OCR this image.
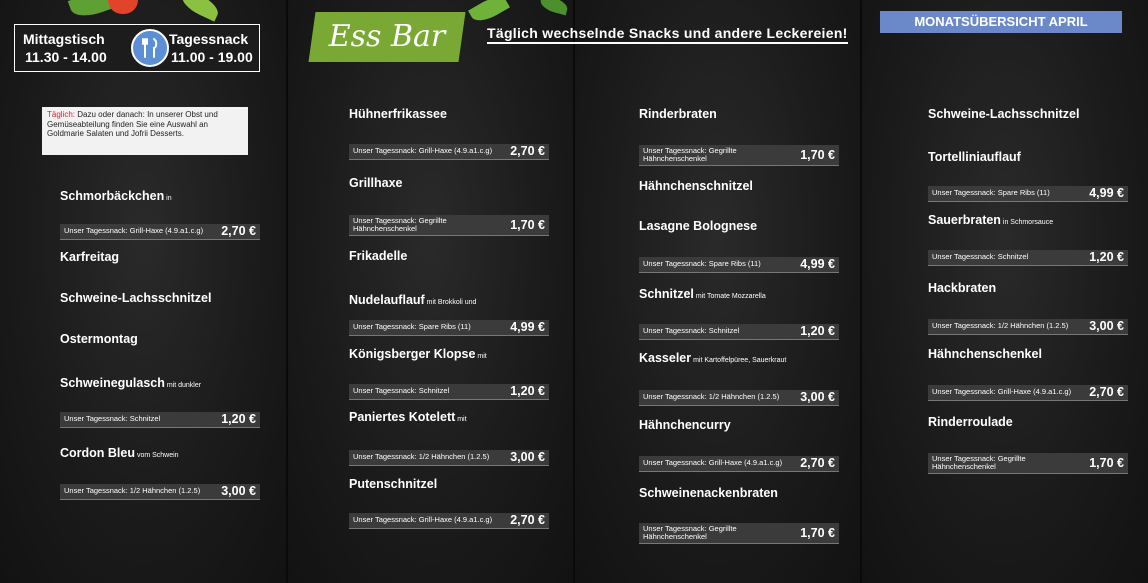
Mittagstisch
11.30 - 14.00
Tagessnack
11.00 - 19.00
Ess Bar	Täglich wechselnde Snacks und andere Leckereien!
MONATSÜBERSICHT APRIL
Täglich: Dazu oder danach: In unserer Obst und Gemüseabteilung finden Sie eine Auswahl an Goldmarie Salaten und Jofrii Desserts.
Schmorbäckchen in
Unser Tagessnack: Grill-Haxe (4.9.a1.c.g) 2,70 €
Karfreitag
Schweine-Lachsschnitzel
Ostermontag
Schweinegulasch mit dunkler
Unser Tagessnack: Schnitzel	1,20 €
Cordon Bleu vom Schwein
Unser Tagessnack: 1/2 Hähnchen (1.2.5) 3,00 €
Hühnerfrikassee
Unser Tagessnack: Grill-Haxe (4.9.a1.c.g) 2,70 €
Grillhaxe
Unser Tagessnack: Gegrillte
Hähnchenschenkel	1,70 €
Frikadelle
Nudelauflauf mit Brokkoli und
Unser Tagessnack: Spare Ribs (11)	4,99 €
Königsberger Klopse mit
Unser Tagessnack: Schnitzel	1,20 €
Paniertes Kotelett mit
Unser Tagessnack: 1/2 Hähnchen (1.2.5) 3,00 €
Putenschnitzel
Unser Tagessnack: Grill-Haxe (4.9.a1.c.g) 2,70 €
Rinderbraten
Unser Tagessnack: Gegrillte
Hähnchenschenkel	1,70 €
Hähnchenschnitzel
Lasagne Bolognese
Unser Tagessnack: Spare Ribs (11)	4,99 €
Schnitzel mit Tomate Mozzarella
Unser Tagessnack: Schnitzel	1,20 €
Kasseler mit Kartoffelpüree, Sauerkraut
Unser Tagessnack: 1/2 Hähnchen (1.2.5) 3,00 €
Hähnchencurry
Unser Tagessnack: Grill-Haxe (4.9.a1.c.g) 2,70 €
Schweinenackenbraten
Unser Tagessnack: Gegrillte
Hähnchenschenkel	1,70 €
Schweine-Lachsschnitzel
Tortelliniauflauf
Unser Tagessnack: Spare Ribs (11)	4,99 €
Sauerbraten in Schmorsauce
Unser Tagessnack: Schnitzel	1,20 €
Hackbraten
Unser Tagessnack: 1/2 Hähnchen (1.2.5) 3,00 €
Hähnchenschenkel
Unser Tagessnack: Grill-Haxe (4.9.a1.c.g) 2,70 €
Rinderroulade
Unser Tagessnack: Gegrillte
Hähnchenschenkel	1,70 €
